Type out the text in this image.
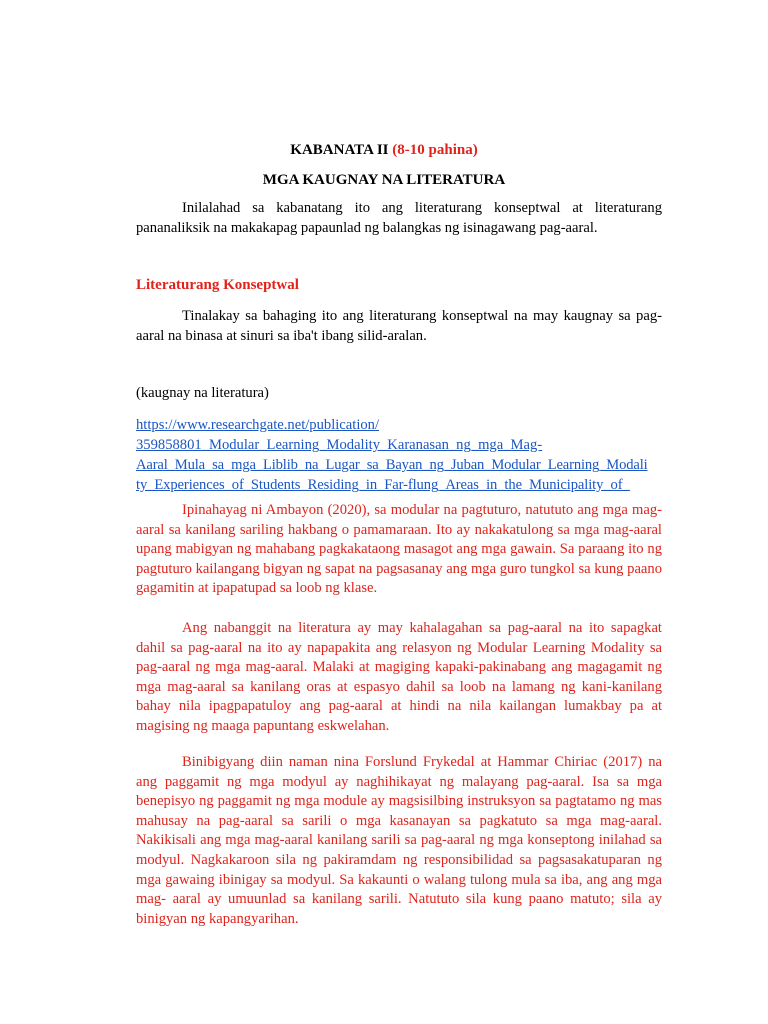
KABANATA II (8-10 pahina)
MGA KAUGNAY NA LITERATURA
Inilalahad sa kabanatang ito ang literaturang konseptwal at literaturang pananaliksik na makakapag papaunlad ng balangkas ng isinagawang pag-aaral.
Literaturang Konseptwal
Tinalakay sa bahaging ito ang literaturang konseptwal na may kaugnay sa pag-aaral na binasa at sinuri sa iba't ibang silid-aralan.
(kaugnay na literatura)
https://www.researchgate.net/publication/
359858801_Modular_Learning_Modality_Karanasan_ng_mga_Mag-
Aaral_Mula_sa_mga_Liblib_na_Lugar_sa_Bayan_ng_Juban_Modular_Learning_Modali
ty_Experiences_of_Students_Residing_in_Far-flung_Areas_in_the_Municipality_of_
Ipinahayag ni Ambayon (2020), sa modular na pagtuturo, natututo ang mga mag-aaral sa kanilang sariling hakbang o pamamaraan. Ito ay nakakatulong sa mga mag-aaral upang mabigyan ng mahabang pagkakataong masagot ang mga gawain. Sa paraang ito ng pagtuturo kailangang bigyan ng sapat na pagsasanay ang mga guro tungkol sa kung paano gagamitin at ipapatupad sa loob ng klase.
Ang nabanggit na literatura ay may kahalagahan sa pag-aaral na ito sapagkat dahil sa pag-aaral na ito ay napapakita ang relasyon ng Modular Learning Modality sa pag-aaral ng mga mag-aaral. Malaki at magiging kapaki-pakinabang ang magagamit ng mga mag-aaral sa kanilang oras at espasyo dahil sa loob na lamang ng kani-kanilang bahay nila ipagpapatuloy ang pag-aaral at hindi na nila kailangan lumakbay pa at magising ng maaga papuntang eskwelahan.
Binibigyang diin naman nina Forslund Frykedal at Hammar Chiriac (2017) na ang paggamit ng mga modyul ay naghihikayat ng malayang pag-aaral. Isa sa mga benepisyo ng paggamit ng mga module ay magsisilbing instruksyon sa pagtatamo ng mas mahusay na pag-aaral sa sarili o mga kasanayan sa pagkatuto sa mga mag-aaral. Nakikisali ang mga mag-aaral kanilang sarili sa pag-aaral ng mga konseptong inilahad sa modyul. Nagkakaroon sila ng pakiramdam ng responsibilidad sa pagsasakatuparan ng mga gawaing ibinigay sa modyul. Sa kakaunti o walang tulong mula sa iba, ang ang mga mag- aaral ay umuunlad sa kanilang sarili. Natututo sila kung paano matuto; sila ay binigyan ng kapangyarihan.
